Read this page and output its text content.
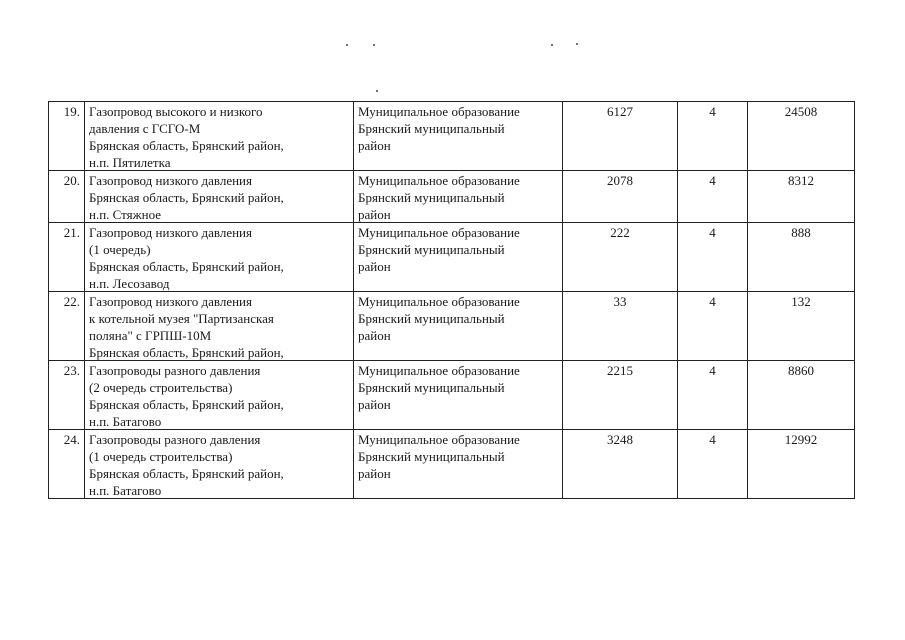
19.	Газопровод высокого и низкого
давления с ГСГО-М
Брянская область, Брянский район,
н.п. Пятилетка	Муниципальное образование
Брянский муниципальный
район	6127	4	24508

20.	Газопровод низкого давления
Брянская область, Брянский район,
н.п. Стяжное	Муниципальное образование
Брянский муниципальный
район	2078	4	8312

21.	Газопровод низкого давления
(1 очередь)
Брянская область, Брянский район,
н.п. Лесозавод	Муниципальное образование
Брянский муниципальный
район	222	4	888

22.	Газопровод низкого давления
к котельной музея "Партизанская
поляна" с ГРПШ-10М
Брянская область, Брянский район,	Муниципальное образование
Брянский муниципальный
район	33	4	132

23.	Газопроводы разного давления
(2 очередь строительства)
Брянская область, Брянский район,
н.п. Батагово	Муниципальное образование
Брянский муниципальный
район	2215	4	8860

24.	Газопроводы разного давления
(1 очередь строительства)
Брянская область, Брянский район,
н.п. Батагово	Муниципальное образование
Брянский муниципальный
район	3248	4	12992
